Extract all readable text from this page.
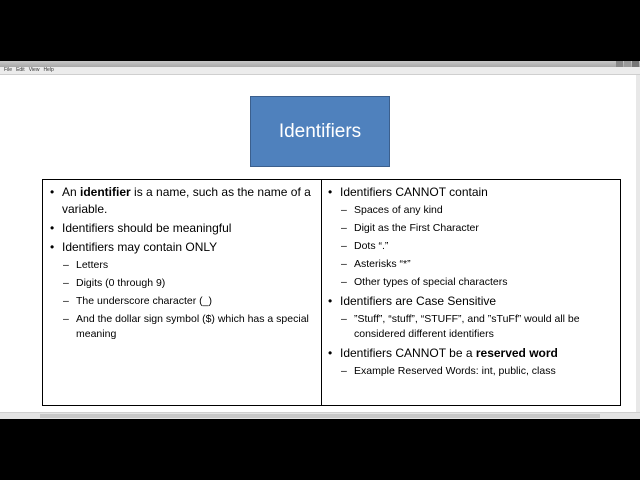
File Edit View Help
Identifiers
• An identifier is a name, such as the name of a variable.
• Identifiers should be meaningful
• Identifiers may contain ONLY
– Letters
– Digits (0 through 9)
– The underscore character (_)
– And the dollar sign symbol ($) which has a special meaning
• Identifiers CANNOT contain
– Spaces of any kind
– Digit as the First Character
– Dots “.”
– Asterisks “*”
– Other types of special characters
• Identifiers are Case Sensitive
– ”Stuff”, “stuff”, “STUFF”, and ”sTuFf” would all be considered different identifiers
• Identifiers CANNOT be a reserved word
– Example Reserved Words: int, public, class
